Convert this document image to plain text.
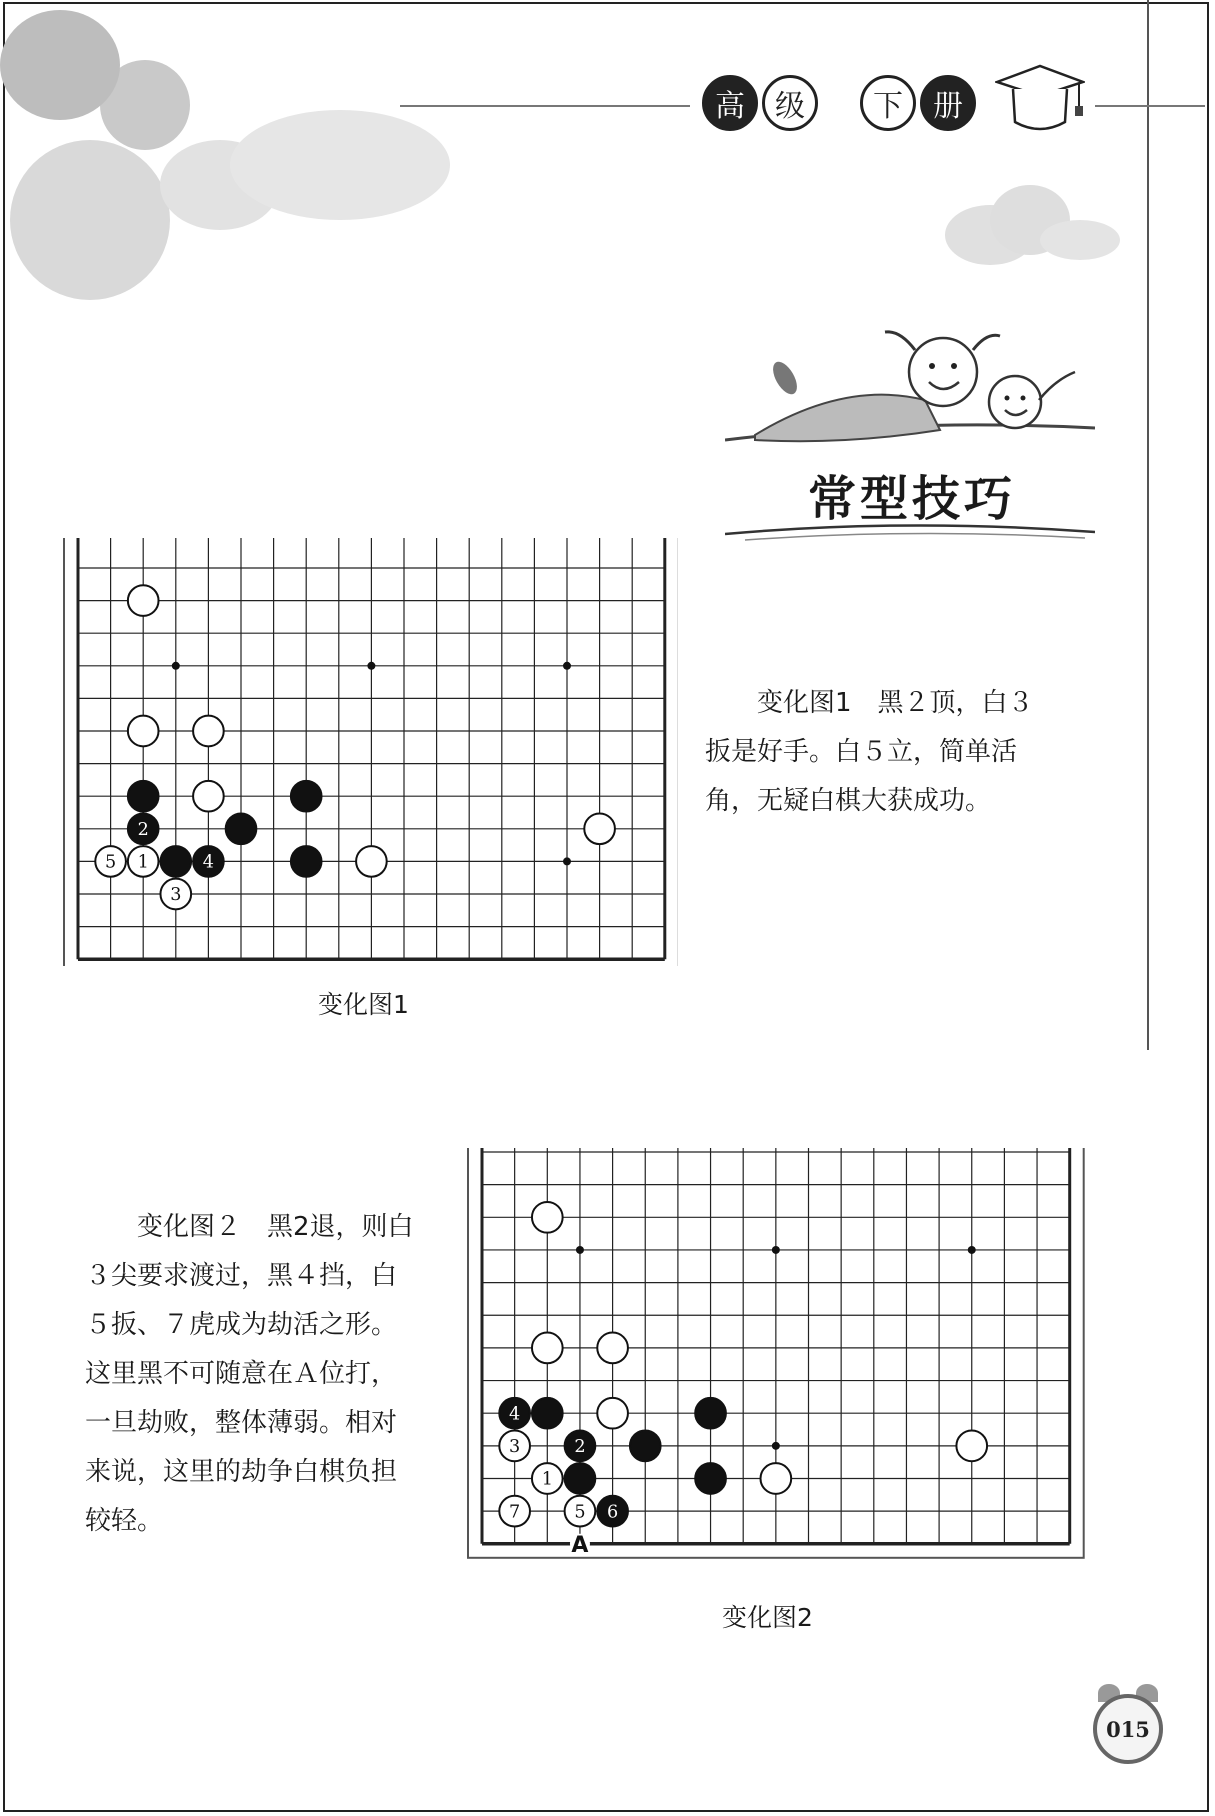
高	级	下	册
常型技巧
2
5 1	4
3
变化图1
变化图1　黑２顶，白３扳是好手。白５立，简单活角，无疑白棋大获成功。
4
3	2
1
7	5 6
A
变化图2
变化图２　黑2退，则白３尖要求渡过，黑４挡，白５扳、７虎成为劫活之形。这里黑不可随意在Ａ位打，一旦劫败，整体薄弱。相对来说，这里的劫争白棋负担较轻。
015
